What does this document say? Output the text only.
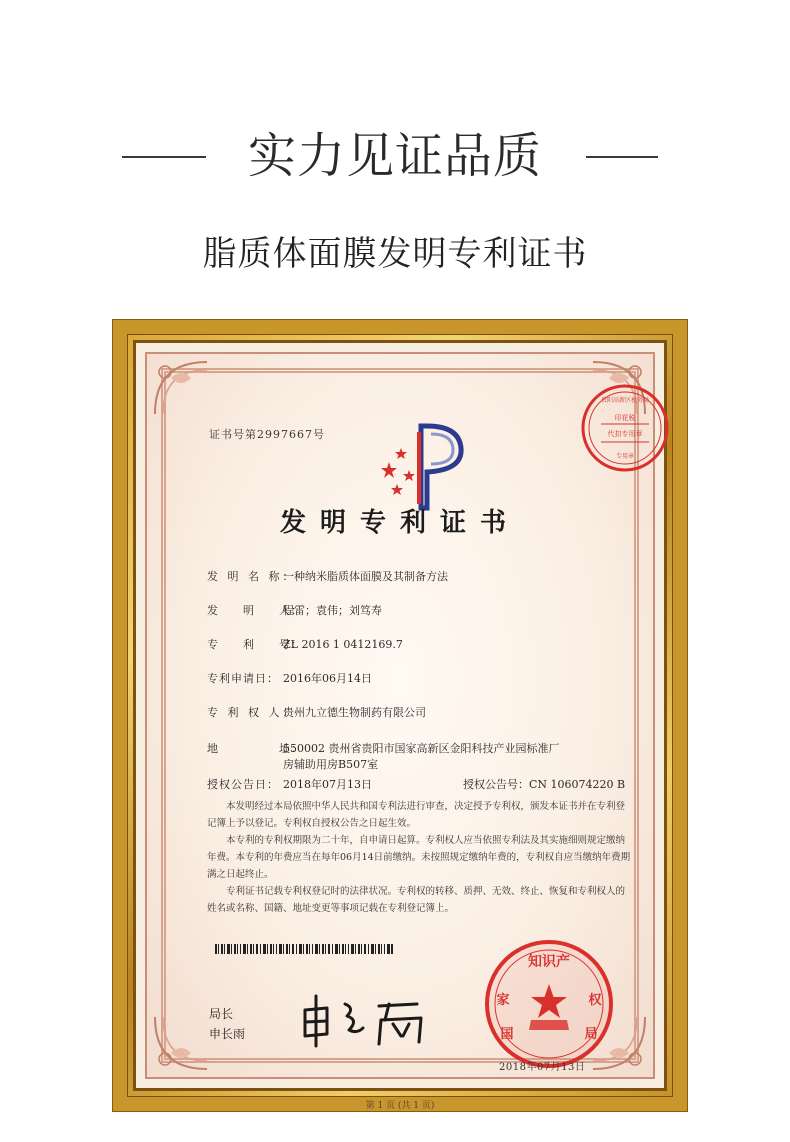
实力见证品质
脂质体面膜发明专利证书
证书号第2997667号
印花税
代扣专用章
贵阳高新区税务局
专用章
发明专利证书
发 明 名 称：一种纳米脂质体面膜及其制备方法
发　　明　　人：程雷；袁伟；刘笃寿
专　　利　　号：ZL 2016 1 0412169.7
专利申请日： 2016年06月14日
专 利 权 人：贵州九立德生物制药有限公司
地　　　　　址：550002 贵州省贵阳市国家高新区金阳科技产业园标准厂
房辅助用房B507室
授权公告日： 2018年07月13日	授权公告号：CN 106074220 B

本发明经过本局依照中华人民共和国专利法进行审查，决定授予专利权，颁发本证书并在专利登记簿上予以登记。专利权自授权公告之日起生效。

本专利的专利权期限为二十年，自申请日起算。专利权人应当依照专利法及其实施细则规定缴纳年费。本专利的年费应当在每年06月14日前缴纳。未按照规定缴纳年费的，专利权自应当缴纳年费期满之日起终止。

专利证书记载专利权登记时的法律状况。专利权的转移、质押、无效、终止、恢复和专利权人的姓名或名称、国籍、地址变更等事项记载在专利登记簿上。

局长
申长雨
知识产
家	权
国	局
2018年07月13日
第 1 页 (共 1 页)
